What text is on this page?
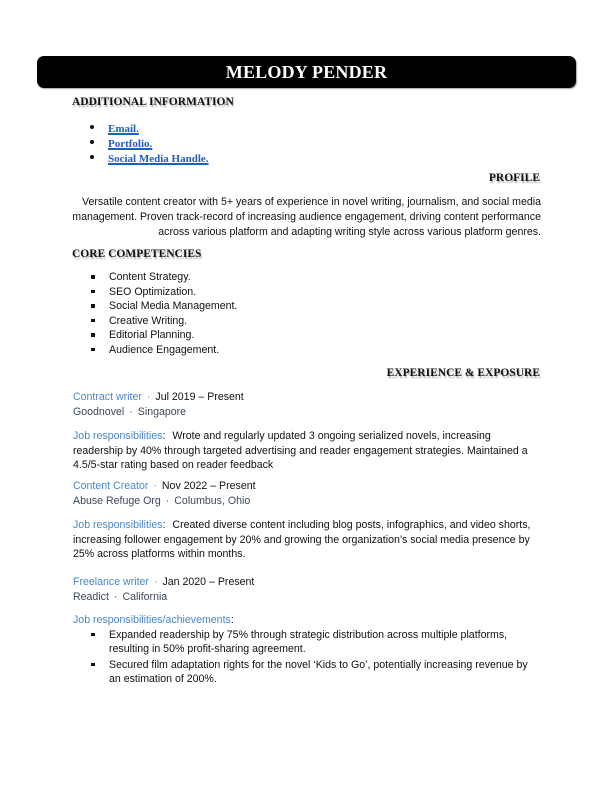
MELODY PENDER
ADDITIONAL INFORMATION
Email.
Portfolio.
Social Media Handle.
PROFILE

Versatile content creator with 5+ years of experience in novel writing, journalism, and social media management. Proven track-record of increasing audience engagement, driving content performance across various platform and adapting writing style across various platform genres.

CORE COMPETENCIES
Content Strategy.
SEO Optimization.
Social Media Management.
Creative Writing.
Editorial Planning.
Audience Engagement.
EXPERIENCE & EXPOSURE
Contract writer · Jul 2019 – Present
Goodnovel · Singapore

Job responsibilities: Wrote and regularly updated 3 ongoing serialized novels, increasing readership by 40% through targeted advertising and reader engagement strategies. Maintained a 4.5/5-star rating based on reader feedback

Content Creator · Nov 2022 – Present
Abuse Refuge Org · Columbus, Ohio

Job responsibilities: Created diverse content including blog posts, infographics, and video shorts, increasing follower engagement by 20% and growing the organization’s social media presence by 25% across platforms within months.

Freelance writer · Jan 2020 – Present
Readict · California

Job responsibilities/achievements:

Expanded readership by 75% through strategic distribution across multiple platforms, resulting in 50% profit-sharing agreement.
Secured film adaptation rights for the novel ‘Kids to Go’, potentially increasing revenue by an estimation of 200%.
